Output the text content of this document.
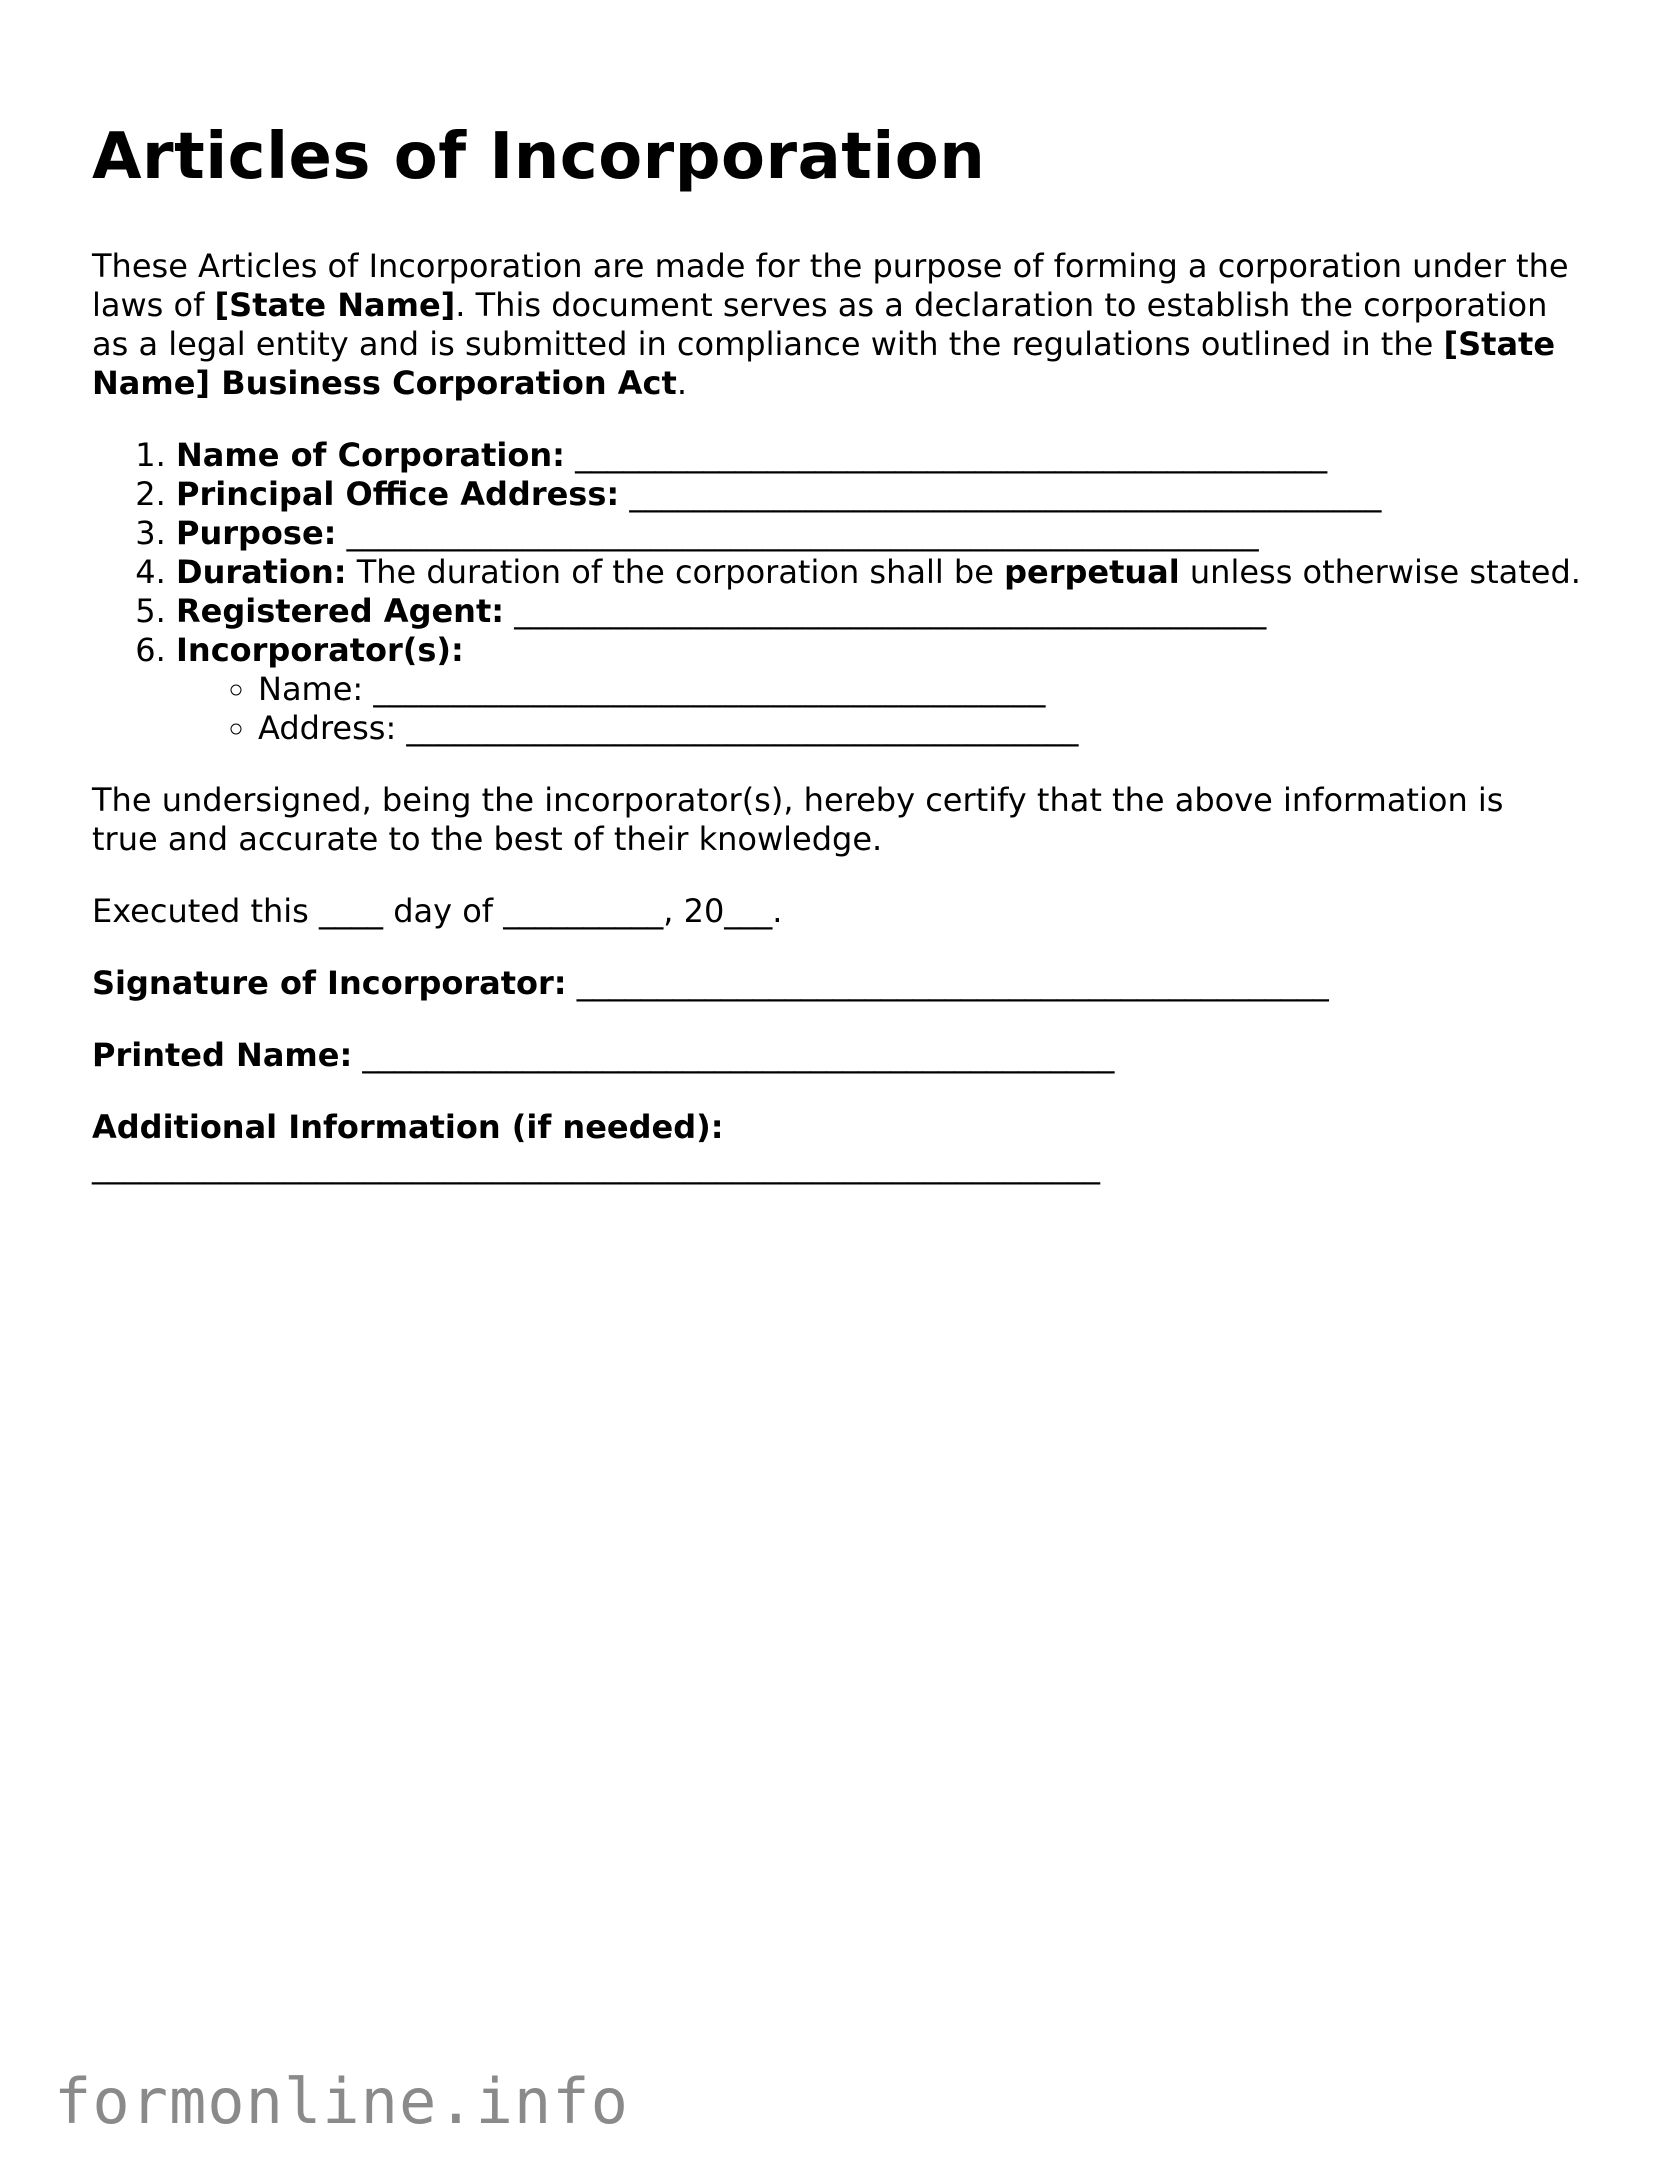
Articles of Incorporation

These Articles of Incorporation are made for the purpose of forming a corporation under the laws of [State Name]. This document serves as a declaration to establish the corporation as a legal entity and is submitted in compliance with the regulations outlined in the [State Name] Business Corporation Act.

1. Name of Corporation: _______________________________________________
2. Principal Office Address: _______________________________________________
3. Purpose: _________________________________________________________
4. Duration: The duration of the corporation shall be perpetual unless otherwise stated.
5. Registered Agent: _______________________________________________
6. Incorporator(s):
◦ Name: __________________________________________
◦ Address: __________________________________________

The undersigned, being the incorporator(s), hereby certify that the above information is true and accurate to the best of their knowledge.

Executed this ____ day of __________, 20___.

Signature of Incorporator: _______________________________________________

Printed Name: _______________________________________________

Additional Information (if needed):
_______________________________________________________________

formonline.info
